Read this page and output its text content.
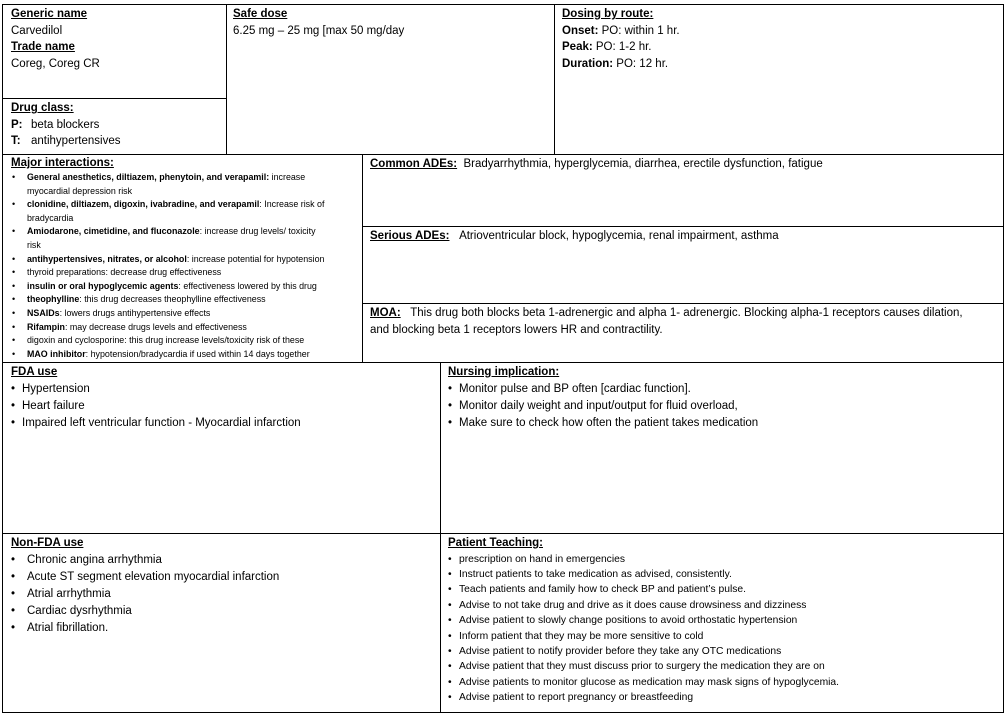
Generic name
Carvedilol
Trade name
Coreg, Coreg CR
Safe dose
6.25 mg – 25 mg [max 50 mg/day
Dosing by route:
Onset: PO: within 1 hr.
Peak: PO: 1-2 hr.
Duration: PO: 12 hr.
Drug class:
P: beta blockers
T: antihypertensives
Major interactions:
• General anesthetics, diltiazem, phenytoin, and verapamil: increase
myocardial depression risk
• clonidine, diltiazem, digoxin, ivabradine, and verapamil: Increase risk of
bradycardia
• Amiodarone, cimetidine, and fluconazole: increase drug levels/ toxicity
risk
• antihypertensives, nitrates, or alcohol: increase potential for hypotension
• thyroid preparations: decrease drug effectiveness
• insulin or oral hypoglycemic agents: effectiveness lowered by this drug
• theophylline: this drug decreases theophylline effectiveness
• NSAIDs: lowers drugs antihypertensive effects
• Rifampin: may decrease drugs levels and effectiveness
• digoxin and cyclosporine: this drug increase levels/toxicity risk of these
• MAO inhibitor: hypotension/bradycardia if used within 14 days together
Common ADEs: Bradyarrhythmia, hyperglycemia, diarrhea, erectile dysfunction, fatigue
Serious ADEs: Atrioventricular block, hypoglycemia, renal impairment, asthma
MOA: This drug both blocks beta 1-adrenergic and alpha 1- adrenergic. Blocking alpha-1 receptors causes dilation,
and blocking beta 1 receptors lowers HR and contractility.
FDA use
• Hypertension
• Heart failure
• Impaired left ventricular function - Myocardial infarction
Nursing implication:
• Monitor pulse and BP often [cardiac function].
• Monitor daily weight and input/output for fluid overload,
• Make sure to check how often the patient takes medication
Non-FDA use
• Chronic angina arrhythmia
• Acute ST segment elevation myocardial infarction
• Atrial arrhythmia
• Cardiac dysrhythmia
• Atrial fibrillation.
Patient Teaching:
• prescription on hand in emergencies
• Instruct patients to take medication as advised, consistently.
• Teach patients and family how to check BP and patient’s pulse.
• Advise to not take drug and drive as it does cause drowsiness and dizziness
• Advise patient to slowly change positions to avoid orthostatic hypertension
• Inform patient that they may be more sensitive to cold
• Advise patient to notify provider before they take any OTC medications
• Advise patient that they must discuss prior to surgery the medication they are on
• Advise patients to monitor glucose as medication may mask signs of hypoglycemia.
• Advise patient to report pregnancy or breastfeeding
